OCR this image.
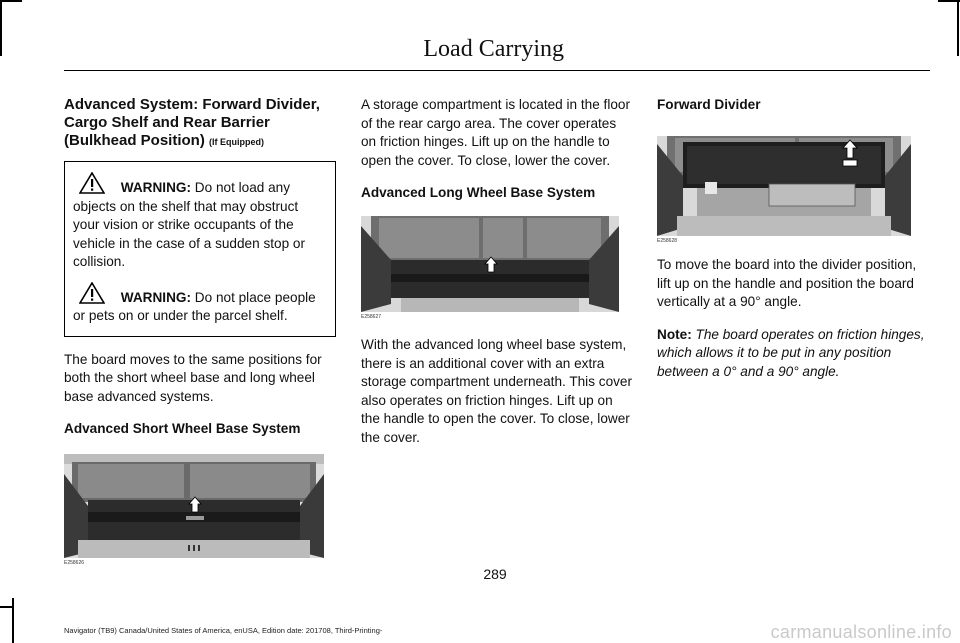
Load Carrying
Advanced System: Forward Divider, Cargo Shelf and Rear Barrier (Bulkhead Position) (If Equipped)

WARNING: Do not load any objects on the shelf that may obstruct your vision or strike occupants of the vehicle in the case of a sudden stop or collision.

WARNING: Do not place people or pets on or under the parcel shelf.

The board moves to the same positions for both the short wheel base and long wheel base advanced systems.

Advanced Short Wheel Base System
E258626

A storage compartment is located in the floor of the rear cargo area. The cover operates on friction hinges. Lift up on the handle to open the cover. To close, lower the cover.

Advanced Long Wheel Base System
E258627

With the advanced long wheel base system, there is an additional cover with an extra storage compartment underneath. This cover also operates on friction hinges. Lift up on the handle to open the cover. To close, lower the cover.

Forward Divider
E258628

To move the board into the divider position, lift up on the handle and position the board vertically at a 90° angle.

Note: The board operates on friction hinges, which allows it to be put in any position between a 0° and a 90° angle.

289
Navigator (TB9) Canada/United States of America, enUSA, Edition date: 201708, Third-Printing-	carmanualsonline.info
